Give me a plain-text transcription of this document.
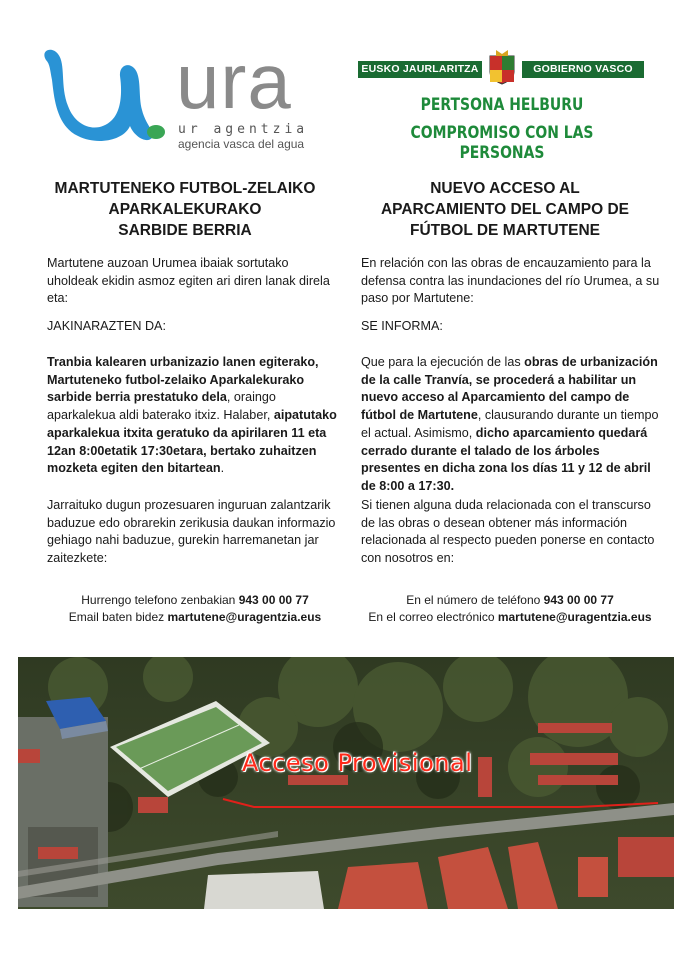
ura
ur agentzia
agencia vasca del agua
EUSKO JAURLARITZA	GOBIERNO VASCO
PERTSONA HELBURU
COMPROMISO CON LAS PERSONAS
MARTUTENEKO FUTBOL-ZELAIKO
APARKALEKURAKO
SARBIDE BERRIA
Martutene auzoan Urumea ibaiak sortutako uholdeak ekidin asmoz egiten ari diren lanak direla eta:
JAKINARAZTEN DA:
Tranbia kalearen urbanizazio lanen egiterako, Martuteneko futbol-zelaiko Aparkalekurako sarbide berria prestatuko dela, oraingo aparkalekua aldi baterako itxiz. Halaber, aipatutako aparkalekua itxita geratuko da apirilaren 11 eta 12an 8:00etatik 17:30etara, bertako zuhaitzen mozketa egiten den bitartean.
Jarraituko dugun prozesuaren inguruan zalantzarik baduzue edo obrarekin zerikusia daukan informazio gehiago nahi baduzue, gurekin harremanetan jar zaitezketе:
Hurrengo telefono zenbakian 943 00 00 77
Email baten bidez martutene@uragentzia.eus
NUEVO ACCESO AL
APARCAMIENTO DEL CAMPO DE
FÚTBOL DE MARTUTENE
En relación con las obras de encauzamiento para la defensa contra las inundaciones del río Urumea, a su paso por Martutene:
SE INFORMA:
Que para la ejecución de las obras de urbanización de la calle Tranvía, se procederá a habilitar un nuevo acceso al Aparcamiento del campo de fútbol de Martutene, clausurando durante un tiempo el actual. Asimismo, dicho aparcamiento quedará cerrado durante el talado de los árboles presentes en dicha zona los días 11 y 12 de abril de 8:00 a 17:30.
Si tienen alguna duda relacionada con el transcurso de las obras o desean obtener más información relacionada al respecto pueden ponerse en contacto con nosotros en:
En el número de teléfono 943 00 00 77
En el correo electrónico martutene@uragentzia.eus
Acceso Provisional
